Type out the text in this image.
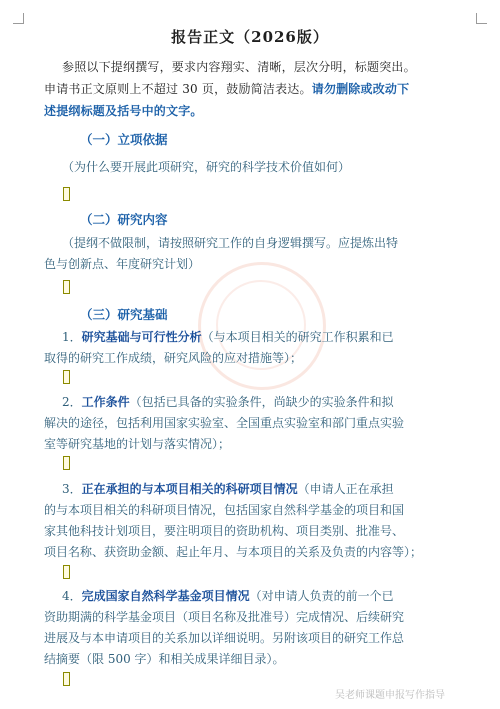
报告正文（2026版）
参照以下提纲撰写，要求内容翔实、清晰，层次分明，标题突出。
申请书正文原则上不超过 30 页，鼓励简洁表达。请勿删除或改动下
述提纲标题及括号中的文字。
（一）立项依据
（为什么要开展此项研究，研究的科学技术价值如何）
（二）研究内容
（提纲不做限制，请按照研究工作的自身逻辑撰写。应提炼出特
色与创新点、年度研究计划）
（三）研究基础
1．研究基础与可行性分析（与本项目相关的研究工作积累和已
取得的研究工作成绩，研究风险的应对措施等）；
2．工作条件（包括已具备的实验条件，尚缺少的实验条件和拟
解决的途径，包括利用国家实验室、全国重点实验室和部门重点实验
室等研究基地的计划与落实情况）；
3．正在承担的与本项目相关的科研项目情况（申请人正在承担
的与本项目相关的科研项目情况，包括国家自然科学基金的项目和国
家其他科技计划项目，要注明项目的资助机构、项目类别、批准号、
项目名称、获资助金额、起止年月、与本项目的关系及负责的内容等）；
4．完成国家自然科学基金项目情况（对申请人负责的前一个已
资助期满的科学基金项目（项目名称及批准号）完成情况、后续研究
进展及与本申请项目的关系加以详细说明。另附该项目的研究工作总
结摘要（限 500 字）和相关成果详细目录）。
吴老师课题申报写作指导
